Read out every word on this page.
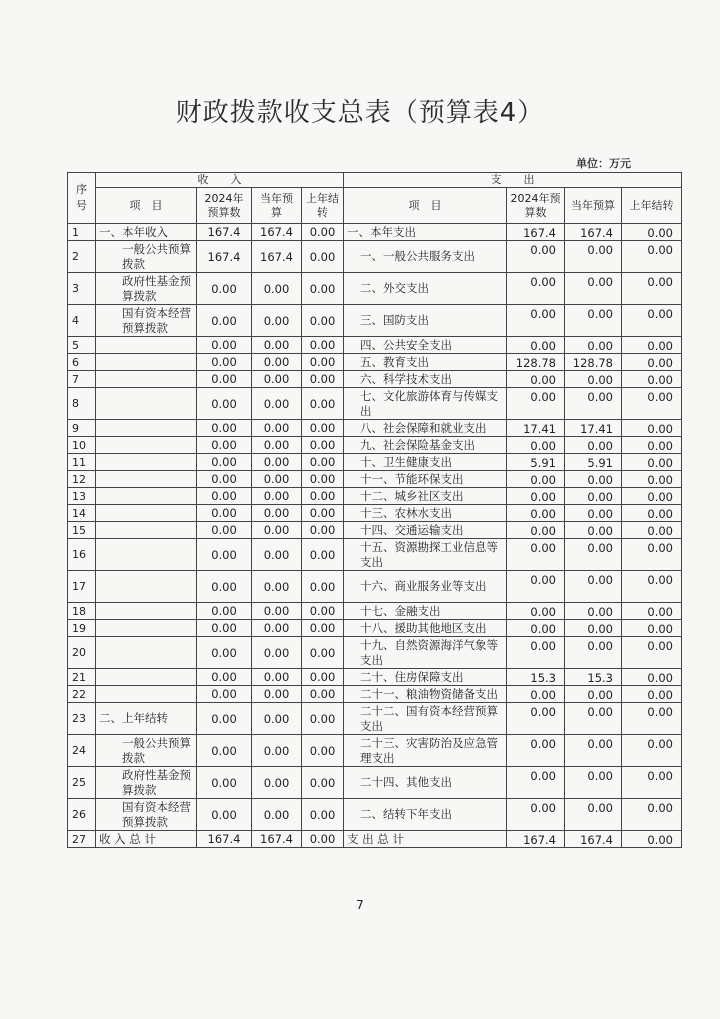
财政拨款收支总表（预算表4）
单位：万元
序号	收　　入				支　　出			
	项　目	2024年预算数	当年预算	上年结转	项　目	2024年预算数	当年预算	上年结转
1	一、本年收入	167.4	167.4	0.00	一、本年支出	167.4	167.4	0.00
2	一般公共预算拨款	167.4	167.4	0.00	一、一般公共服务支出	0.00	0.00	0.00
3	政府性基金预算拨款	0.00	0.00	0.00	二、外交支出	0.00	0.00	0.00
4	国有资本经营预算拨款	0.00	0.00	0.00	三、国防支出	0.00	0.00	0.00
5		0.00	0.00	0.00	四、公共安全支出	0.00	0.00	0.00
6		0.00	0.00	0.00	五、教育支出	128.78	128.78	0.00
7		0.00	0.00	0.00	六、科学技术支出	0.00	0.00	0.00
8		0.00	0.00	0.00	七、文化旅游体育与传媒支出	0.00	0.00	0.00
9		0.00	0.00	0.00	八、社会保障和就业支出	17.41	17.41	0.00
10		0.00	0.00	0.00	九、社会保险基金支出	0.00	0.00	0.00
11		0.00	0.00	0.00	十、卫生健康支出	5.91	5.91	0.00
12		0.00	0.00	0.00	十一、节能环保支出	0.00	0.00	0.00
13		0.00	0.00	0.00	十二、城乡社区支出	0.00	0.00	0.00
14		0.00	0.00	0.00	十三、农林水支出	0.00	0.00	0.00
15		0.00	0.00	0.00	十四、交通运输支出	0.00	0.00	0.00
16		0.00	0.00	0.00	十五、资源勘探工业信息等支出	0.00	0.00	0.00
17		0.00	0.00	0.00	十六、商业服务业等支出	0.00	0.00	0.00
18		0.00	0.00	0.00	十七、金融支出	0.00	0.00	0.00
19		0.00	0.00	0.00	十八、援助其他地区支出	0.00	0.00	0.00
20		0.00	0.00	0.00	十九、自然资源海洋气象等支出	0.00	0.00	0.00
21		0.00	0.00	0.00	二十、住房保障支出	15.3	15.3	0.00
22		0.00	0.00	0.00	二十一、粮油物资储备支出	0.00	0.00	0.00
23	二、上年结转	0.00	0.00	0.00	二十二、国有资本经营预算支出	0.00	0.00	0.00
24	一般公共预算拨款	0.00	0.00	0.00	二十三、灾害防治及应急管理支出	0.00	0.00	0.00
25	政府性基金预算拨款	0.00	0.00	0.00	二十四、其他支出	0.00	0.00	0.00
26	国有资本经营预算拨款	0.00	0.00	0.00	二、结转下年支出	0.00	0.00	0.00
27	收 入 总 计	167.4	167.4	0.00	支 出 总 计	167.4	167.4	0.00
7
